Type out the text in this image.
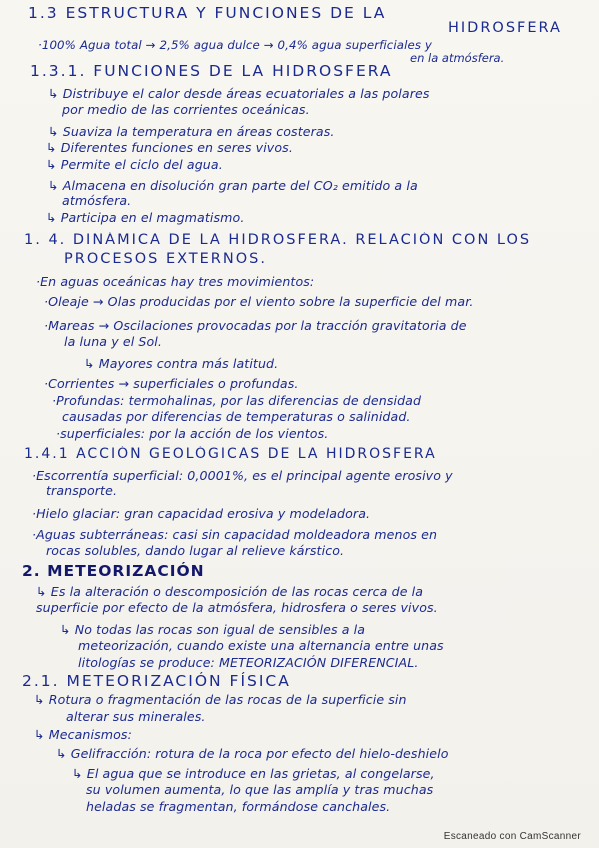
1.3 ESTRUCTURA Y FUNCIONES DE LA
HIDROSFERA
·100% Agua total → 2,5% agua dulce → 0,4% agua superficiales y
en la atmósfera.
1.3.1. FUNCIONES DE LA HIDROSFERA
↳ Distribuye el calor desde áreas ecuatoriales a las polares
por medio de las corrientes oceánicas.
↳ Suaviza la temperatura en áreas costeras.
↳ Diferentes funciones en seres vivos.
↳ Permite el ciclo del agua.
↳ Almacena en disolución gran parte del CO₂ emitido a la
atmósfera.
↳ Participa en el magmatismo.
1. 4. DINÁMICA DE LA HIDROSFERA. RELACIÓN CON LOS
PROCESOS EXTERNOS.
·En aguas oceánicas hay tres movimientos:
·Oleaje → Olas producidas por el viento sobre la superficie del mar.
·Mareas → Oscilaciones provocadas por la tracción gravitatoria de
la luna y el Sol.
↳ Mayores contra más latitud.
·Corrientes → superficiales o profundas.
·Profundas: termohalinas, por las diferencias de densidad
causadas por diferencias de temperaturas o salinidad.
·superficiales: por la acción de los vientos.
1.4.1 ACCIÓN GEOLÓGICAS DE LA HIDROSFERA
·Escorrentía superficial: 0,0001%, es el principal agente erosivo y
transporte.
·Hielo glaciar: gran capacidad erosiva y modeladora.
·Aguas subterráneas: casi sin capacidad moldeadora menos en
rocas solubles, dando lugar al relieve kárstico.
2. METEORIZACIÓN
↳ Es la alteración o descomposición de las rocas cerca de la
superficie por efecto de la atmósfera, hidrosfera o seres vivos.
↳ No todas las rocas son igual de sensibles a la
meteorización, cuando existe una alternancia entre unas
litologías se produce: METEORIZACIÓN DIFERENCIAL.
2.1. METEORIZACIÓN FÍSICA
↳ Rotura o fragmentación de las rocas de la superficie sin
alterar sus minerales.
↳ Mecanismos:
↳ Gelifracción: rotura de la roca por efecto del hielo-deshielo
↳ El agua que se introduce en las grietas, al congelarse,
su volumen aumenta, lo que las amplía y tras muchas
heladas se fragmentan, formándose canchales.
Escaneado con CamScanner
